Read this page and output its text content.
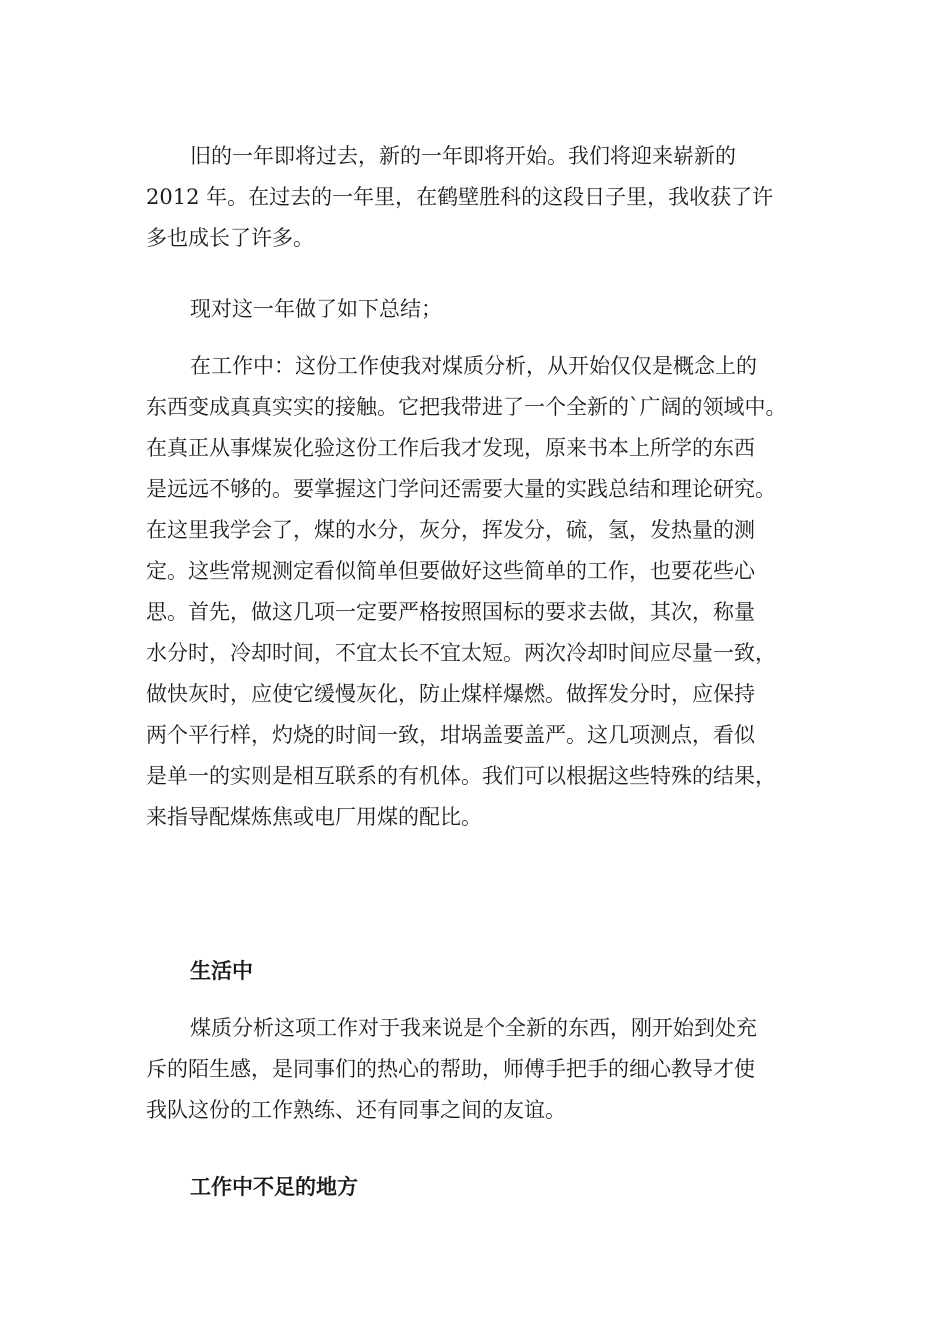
旧的一年即将过去，新的一年即将开始。我们将迎来崭新的
2012 年。在过去的一年里，在鹤壁胜科的这段日子里，我收获了许
多也成长了许多。
现对这一年做了如下总结；
在工作中：这份工作使我对煤质分析，从开始仅仅是概念上的
东西变成真真实实的接触。它把我带进了一个全新的`广阔的领域中。
在真正从事煤炭化验这份工作后我才发现，原来书本上所学的东西
是远远不够的。要掌握这门学问还需要大量的实践总结和理论研究。
在这里我学会了，煤的水分，灰分，挥发分，硫，氢，发热量的测
定。这些常规测定看似简单但要做好这些简单的工作，也要花些心
思。首先，做这几项一定要严格按照国标的要求去做，其次，称量
水分时，冷却时间，不宜太长不宜太短。两次冷却时间应尽量一致，
做快灰时，应使它缓慢灰化，防止煤样爆燃。做挥发分时，应保持
两个平行样，灼烧的时间一致，坩埚盖要盖严。这几项测点，看似
是单一的实则是相互联系的有机体。我们可以根据这些特殊的结果，
来指导配煤炼焦或电厂用煤的配比。
生活中
煤质分析这项工作对于我来说是个全新的东西，刚开始到处充
斥的陌生感，是同事们的热心的帮助，师傅手把手的细心教导才使
我队这份的工作熟练、还有同事之间的友谊。
工作中不足的地方
